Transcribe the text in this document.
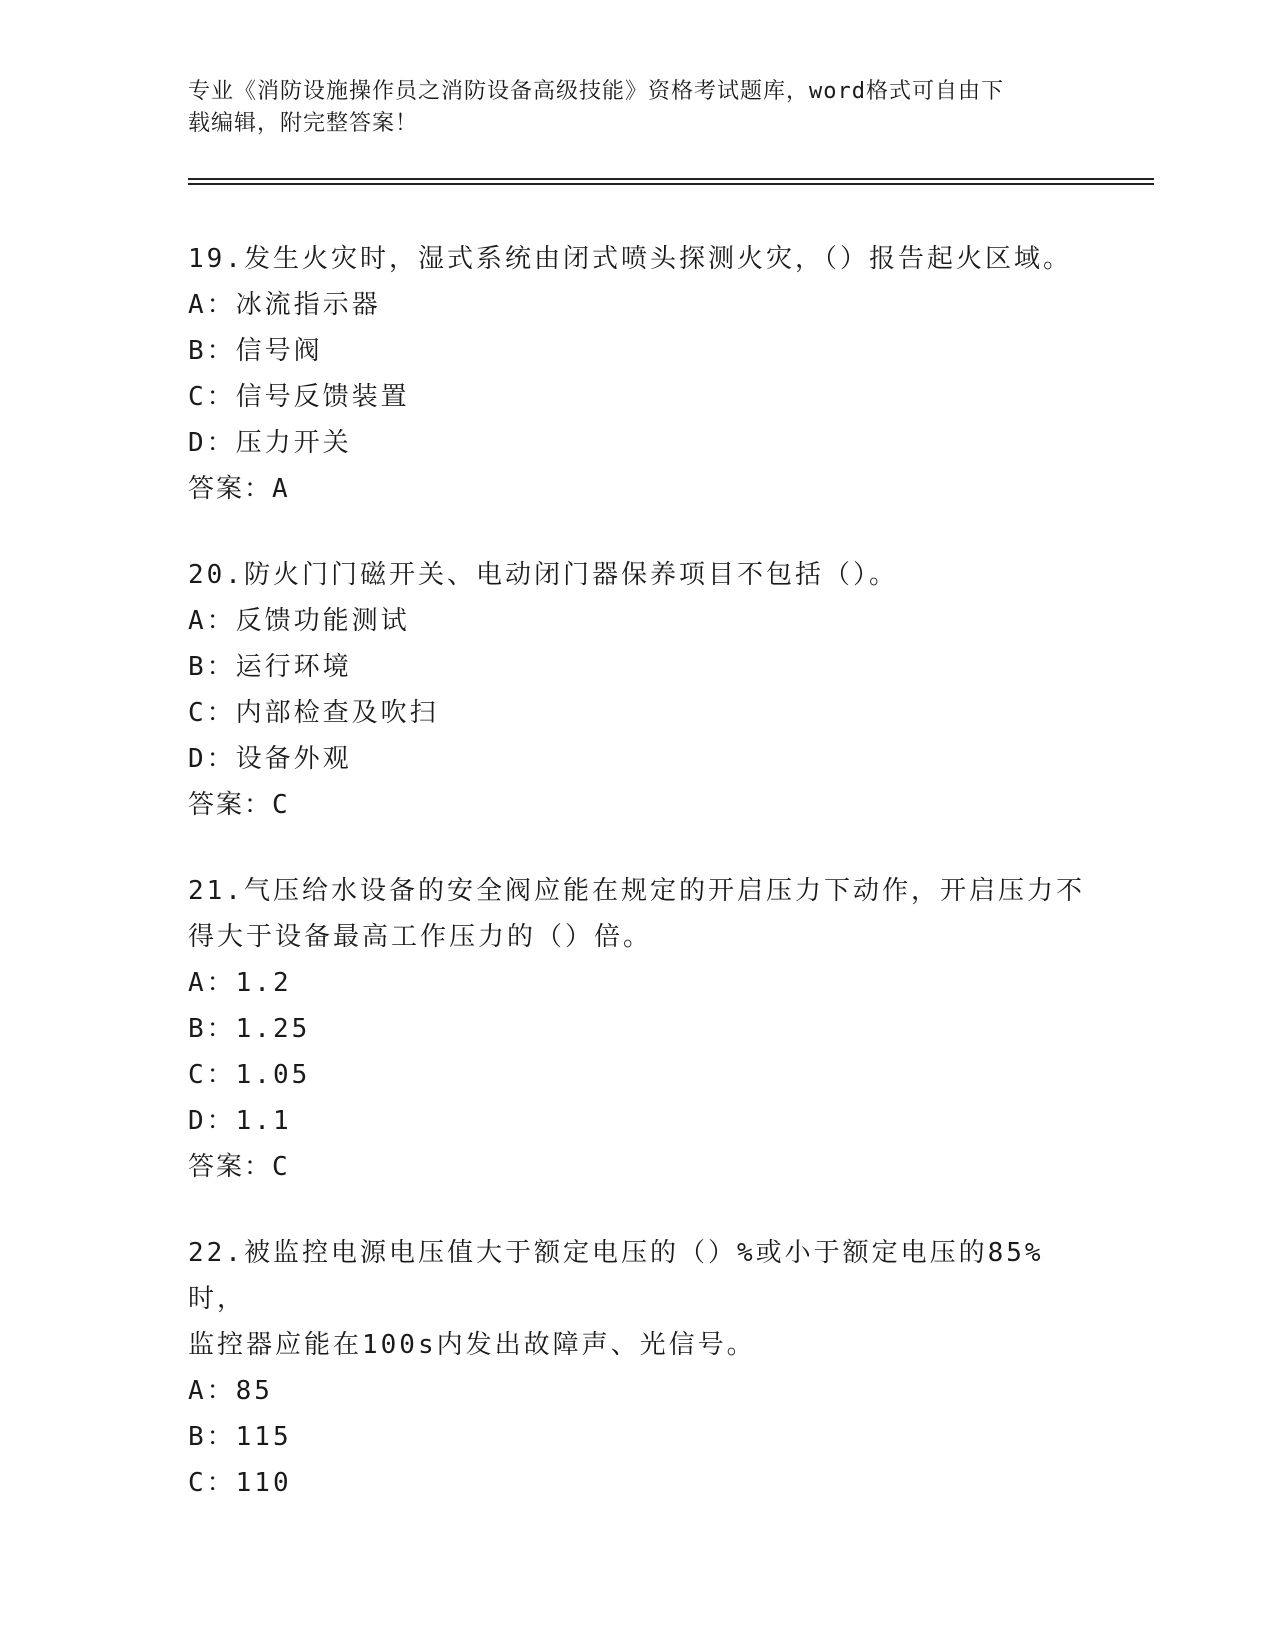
专业《消防设施操作员之消防设备高级技能》资格考试题库，word格式可自由下
载编辑，附完整答案！

19.发生火灾时，湿式系统由闭式喷头探测火灾，（）报告起火区域。

A：冰流指示器

B：信号阀

C：信号反馈装置

D：压力开关

答案：A

20.防火门门磁开关、电动闭门器保养项目不包括（）。

A：反馈功能测试

B：运行环境

C：内部检查及吹扫

D：设备外观

答案：C

21.气压给水设备的安全阀应能在规定的开启压力下动作，开启压力不

得大于设备最高工作压力的（）倍。

A：1.2

B：1.25

C：1.05

D：1.1

答案：C

22.被监控电源电压值大于额定电压的（）%或小于额定电压的85%时，

监控器应能在100s内发出故障声、光信号。

A：85

B：115

C：110
